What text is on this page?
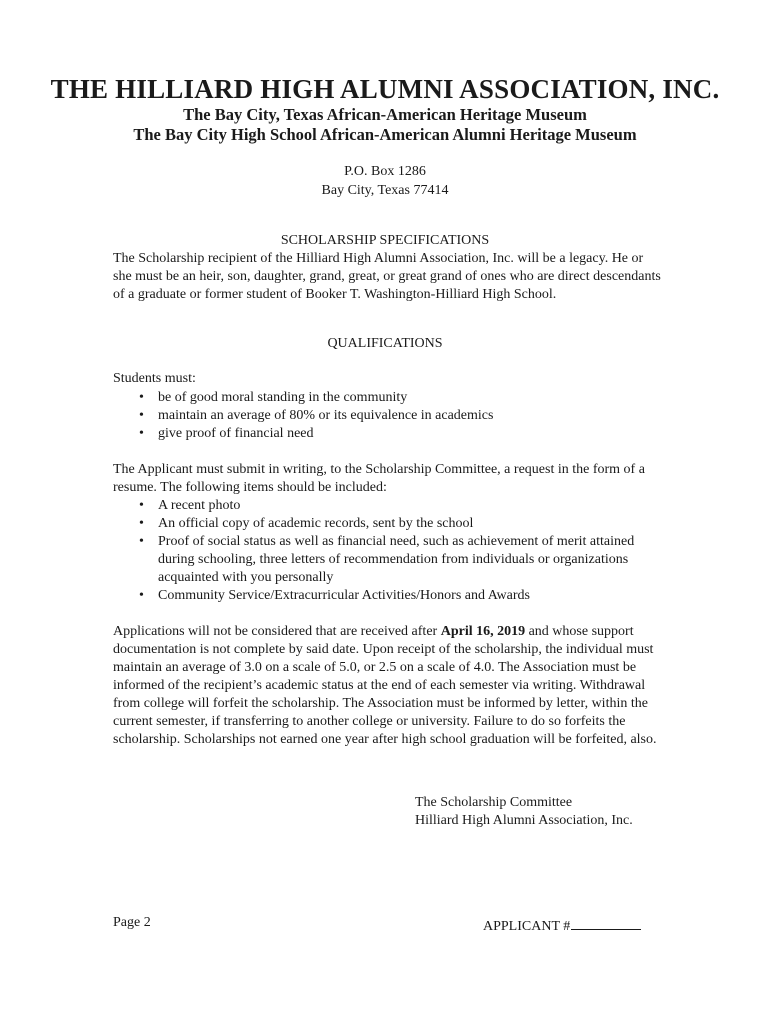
THE HILLIARD HIGH ALUMNI ASSOCIATION, INC.
The Bay City, Texas African-American Heritage Museum
The Bay City High School African-American Alumni Heritage Museum
P.O. Box 1286
Bay City, Texas 77414
SCHOLARSHIP SPECIFICATIONS

The Scholarship recipient of the Hilliard High Alumni Association, Inc. will be a legacy. He or she must be an heir, son, daughter, grand, great, or great grand of ones who are direct descendants of a graduate or former student of Booker T. Washington-Hilliard High School.

QUALIFICATIONS
Students must:
• be of good moral standing in the community
• maintain an average of 80% or its equivalence in academics
• give proof of financial need

The Applicant must submit in writing, to the Scholarship Committee, a request in the form of a resume. The following items should be included:

• A recent photo
• An official copy of academic records, sent by the school
• Proof of social status as well as financial need, such as achievement of merit attained during schooling, three letters of recommendation from individuals or organizations acquainted with you personally
• Community Service/Extracurricular Activities/Honors and Awards

Applications will not be considered that are received after April 16, 2019 and whose support documentation is not complete by said date. Upon receipt of the scholarship, the individual must maintain an average of 3.0 on a scale of 5.0, or 2.5 on a scale of 4.0. The Association must be informed of the recipient’s academic status at the end of each semester via writing. Withdrawal from college will forfeit the scholarship. The Association must be informed by letter, within the current semester, if transferring to another college or university. Failure to do so forfeits the scholarship. Scholarships not earned one year after high school graduation will be forfeited, also.

The Scholarship Committee
Hilliard High Alumni Association, Inc.
Page 2	APPLICANT #
